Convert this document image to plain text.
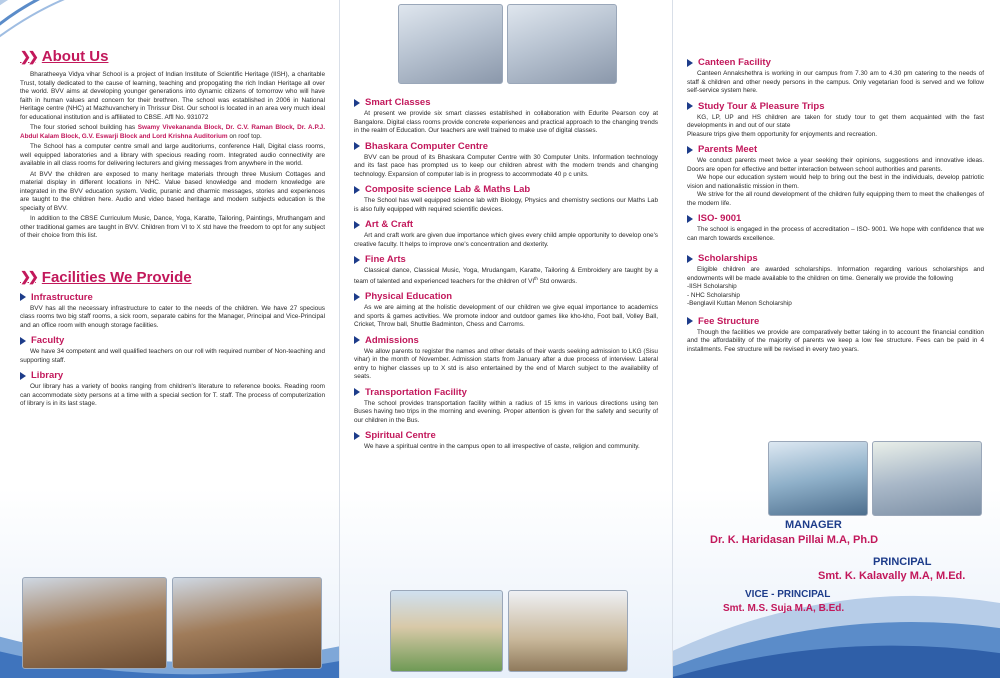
❯❯ About Us

Bharatheeya Vidya vihar School is a project of Indian Institute of Scientific Heritage (IISH), a charitable Trust, totally dedicated to the cause of learning, teaching and propogating the rich Indian Heritage all over the world. BVV aims at developing younger generations into dynamic citizens of tomorrow who will have faith in human values and concern for their brethren. The school was established in 2006 in National Heritage centre (NHC) at Mazhuvanchery in Thrissur Dist. Our school is located in an area very much ideal for educational institution and is affiliated to CBSE. Affl No. 931072

The four storied school building has Swamy Vivekananda Block, Dr. C.V. Raman Block, Dr. A.P.J. Abdul Kalam Block, G.V. Eswarji Block and Lord Krishna Auditorium on roof top.

The School has a computer centre small and large auditoriums, conference Hall, Digital class rooms, well equipped laboratories and a library with specious reading room. Integrated audio connectivity are available in all class rooms for delivering lecturers and giving messages from anywhere in the world.

At BVV the children are exposed to many heritage materials through three Musium Cottages and material display in different locations in NHC. Value based knowledge and modern knowledge are integrated in the BVV education system. Vedic, puranic and dharmic messages, stories and experiences are taught to the children here. Audio and video based heritage and modern subjects education is the specialty of BVV.

In addition to the CBSE Curriculum Music, Dance, Yoga, Karatte, Tailoring, Paintings, Mruthangam and other traditional games are taught in BVV. Children from VI to X std have the freedom to opt for any subject of their choice from this list.

❯❯ Facilities We Provide
Infrastructure

BVV has all the necessary infrastructure to cater to the needs of the children. We have 27 specious class rooms two big staff rooms, a sick room, separate cabins for the Manager, Principal and Vice-Principal and an office room with enough storage facilities.

Faculty

We have 34 competent and well qualified teachers on our roll with required number of Non-teaching and supporting staff.

Library

Our library has a variety of books ranging from children's literature to reference books. Reading room can accommodate sixty persons at a time with a special section for T. staff. The process of computerization of library is in its last stage.

Smart Classes

At present we provide six smart classes established in collaboration with Edurite Pearson coy at Bangalore. Digital class rooms provide concrete experiences and practical approach to the changing trends in the realm of Education. Our teachers are well trained to make use of digital classes.

Bhaskara Computer Centre

BVV can be proud of its Bhaskara Computer Centre with 30 Computer Units. Information technology and its fast pace has prompted us to keep our children abrest with the modern trends and changing technology. Expansion of computer lab is in progress to accommodate 40 p c units.

Composite science Lab & Maths Lab

The School has well equipped science lab with Biology, Physics and chemistry sections our Maths Lab is also fully equipped with required scientific devices.

Art & Craft

Art and craft work are given due importance which gives every child ample opportunity to develop one's creative faculty. It helps to improve one's concentration and dexterity.

Fine Arts

Classical dance, Classical Music, Yoga, Mrudangam, Karatte, Tailoring & Embroidery are taught by a team of talented and experienced teachers for the children of VIth Std onwards.

Physical Education

As we are aiming at the holistic development of our children we give equal importance to academics and sports & games activities. We promote indoor and outdoor games like kho-kho, Foot ball, Volley Ball, Cricket, Throw ball, Shuttle Badminton, Chess and Carroms.

Admissions

We allow parents to register the names and other details of their wards seeking admission to LKG (Sisu vihar) in the month of November. Admission starts from January after a due process of interview. Lateral entry to higher classes up to X std is also entertained by the end of March subject to the availability of seats.

Transportation Facility

The school provides transportation facility within a radius of 15 kms in various directions using ten Buses having two trips in the morning and evening. Proper attention is given for the safety and security of our children in the Bus.

Spiritual Centre

We have a spiritual centre in the campus open to all irrespective of caste, religion and community.

Canteen Facility

Canteen Annakshethra is working in our campus from 7.30 am to 4.30 pm catering to the needs of staff & children and other needy persons in the campus. Only vegetarian food is served and we follow self-service system here.

Study Tour & Pleasure Trips

KG, LP, UP and HS children are taken for study tour to get them acquainted with the fast developments in and out of our state

Pleasure trips give them opportunity for enjoyments and recreation.

Parents Meet

We conduct parents meet twice a year seeking their opinions, suggestions and innovative ideas. Doors are open for effective and better interaction between school authorities and parents.

We hope our education system would help to bring out the best in the individuals, develop patriotic vision and nationalistic mission in them.

We strive for the all round development of the children fully equipping them to meet the challenges of the modern life.

ISO- 9001

The school is engaged in the process of accreditation – ISO- 9001. We hope with confidence that we can march towards excellence.

Scholarships

Eligible children are awarded scholarships. Information regarding various scholarships and endowments will be made available to the children on time. Generally we provide the following

-IISH Scholarship

- NHC Scholarship

-Benglavil Kuttan Menon Scholarship

Fee Structure

Though the facilities we provide are comparatively better taking in to account the financial condition and the affordability of the majority of parents we keep a low fee structure. Fees can be paid in 4 installments. Fee structure will be revised in every two years.

MANAGER
Dr. K. Haridasan Pillai M.A, Ph.D
PRINCIPAL
Smt. K. Kalavally M.A, M.Ed.
VICE - PRINCIPAL
Smt. M.S. Suja M.A, B.Ed.
